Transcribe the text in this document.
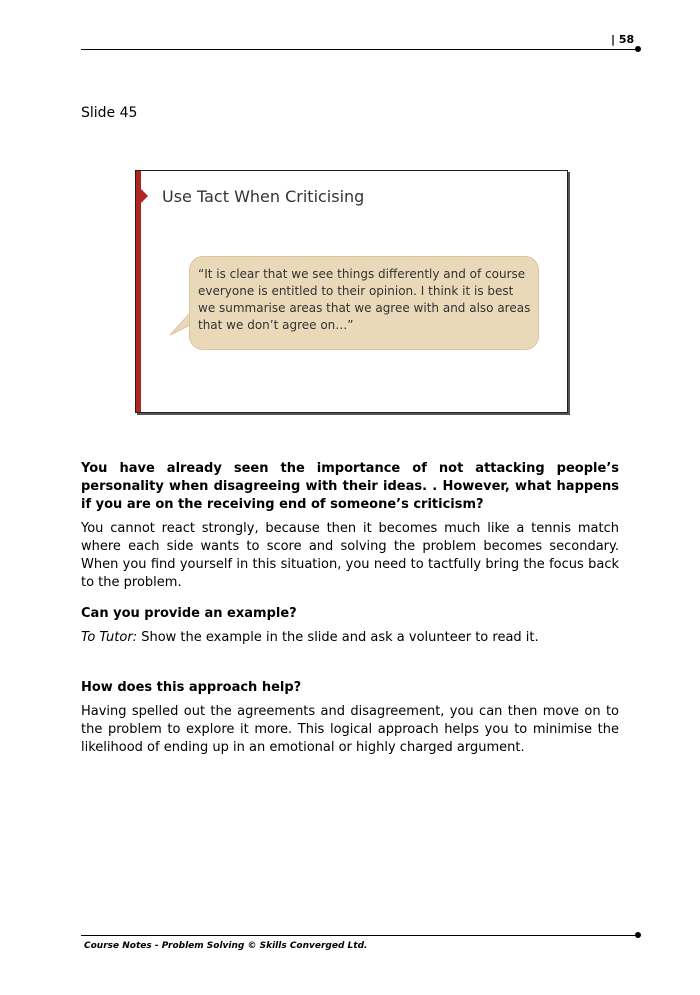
| 58
Slide 45
Use Tact When Criticising
“It is clear that we see things differently and of course everyone is entitled to their opinion. I think it is best we summarise areas that we agree with and also areas that we don’t agree on…”
You have already seen the importance of not attacking people’s personality when disagreeing with their ideas. . However, what happens if you are on the receiving end of someone’s criticism?
You cannot react strongly, because then it becomes much like a tennis match where each side wants to score and solving the problem becomes secondary. When you find yourself in this situation, you need to tactfully bring the focus back to the problem.
Can you provide an example?
To Tutor: Show the example in the slide and ask a volunteer to read it.
How does this approach help?
Having spelled out the agreements and disagreement, you can then move on to the problem to explore it more. This logical approach helps you to minimise the likelihood of ending up in an emotional or highly charged argument.
Course Notes - Problem Solving © Skills Converged Ltd.
